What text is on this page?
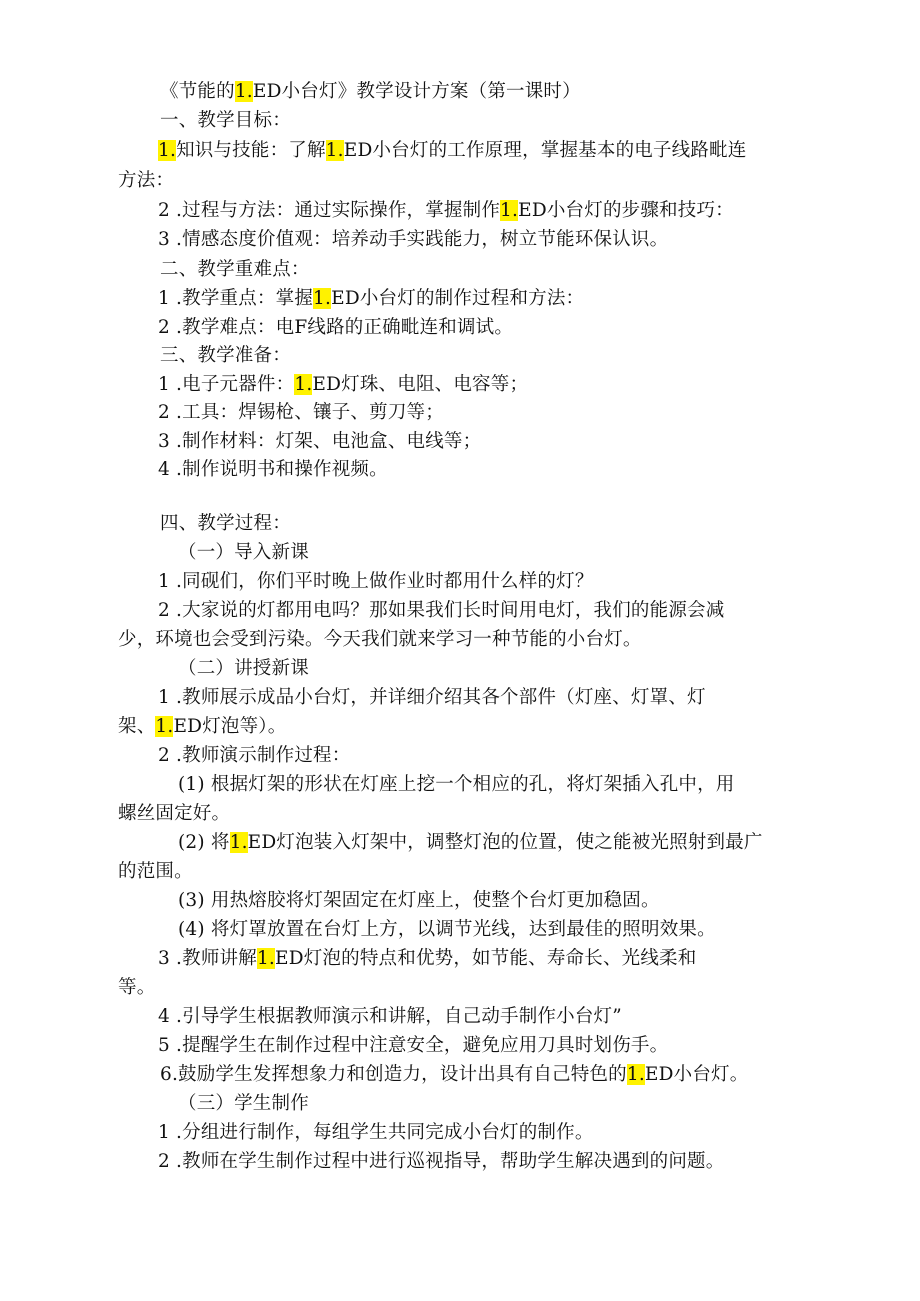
《节能的1.ED小台灯》教学设计方案（第一课时）
一、教学目标：
1.知识与技能：了解1.ED小台灯的工作原理，掌握基本的电子线路毗连
方法：
2 .过程与方法：通过实际操作，掌握制作1.ED小台灯的步骤和技巧：
3 .情感态度价值观：培养动手实践能力，树立节能环保认识。
二、教学重难点：
1 .教学重点：掌握1.ED小台灯的制作过程和方法：
2 .教学难点：电F线路的正确毗连和调试。
三、教学准备：
1 .电子元器件：1.ED灯珠、电阻、电容等；
2 .工具：焊锡枪、镶子、剪刀等；
3 .制作材料：灯架、电池盒、电线等；
4 .制作说明书和操作视频。
四、教学过程：
（一）导入新课
1 .同砚们，你们平时晚上做作业时都用什么样的灯？
2 .大家说的灯都用电吗？那如果我们长时间用电灯，我们的能源会减
少，环境也会受到污染。今天我们就来学习一种节能的小台灯。
（二）讲授新课
1 .教师展示成品小台灯，并详细介绍其各个部件（灯座、灯罩、灯
架、1.ED灯泡等）。
2 .教师演示制作过程：
(1) 根据灯架的形状在灯座上挖一个相应的孔，将灯架插入孔中，用
螺丝固定好。
(2) 将1.ED灯泡装入灯架中，调整灯泡的位置，使之能被光照射到最广
的范围。
(3) 用热熔胶将灯架固定在灯座上，使整个台灯更加稳固。
(4) 将灯罩放置在台灯上方，以调节光线，达到最佳的照明效果。
3 .教师讲解1.ED灯泡的特点和优势，如节能、寿命长、光线柔和
等。
4 .引导学生根据教师演示和讲解，自己动手制作小台灯”
5 .提醒学生在制作过程中注意安全，避免应用刀具时划伤手。
6.鼓励学生发挥想象力和创造力，设计出具有自己特色的1.ED小台灯。
（三）学生制作
1 .分组进行制作，每组学生共同完成小台灯的制作。
2 .教师在学生制作过程中进行巡视指导，帮助学生解决遇到的问题。
